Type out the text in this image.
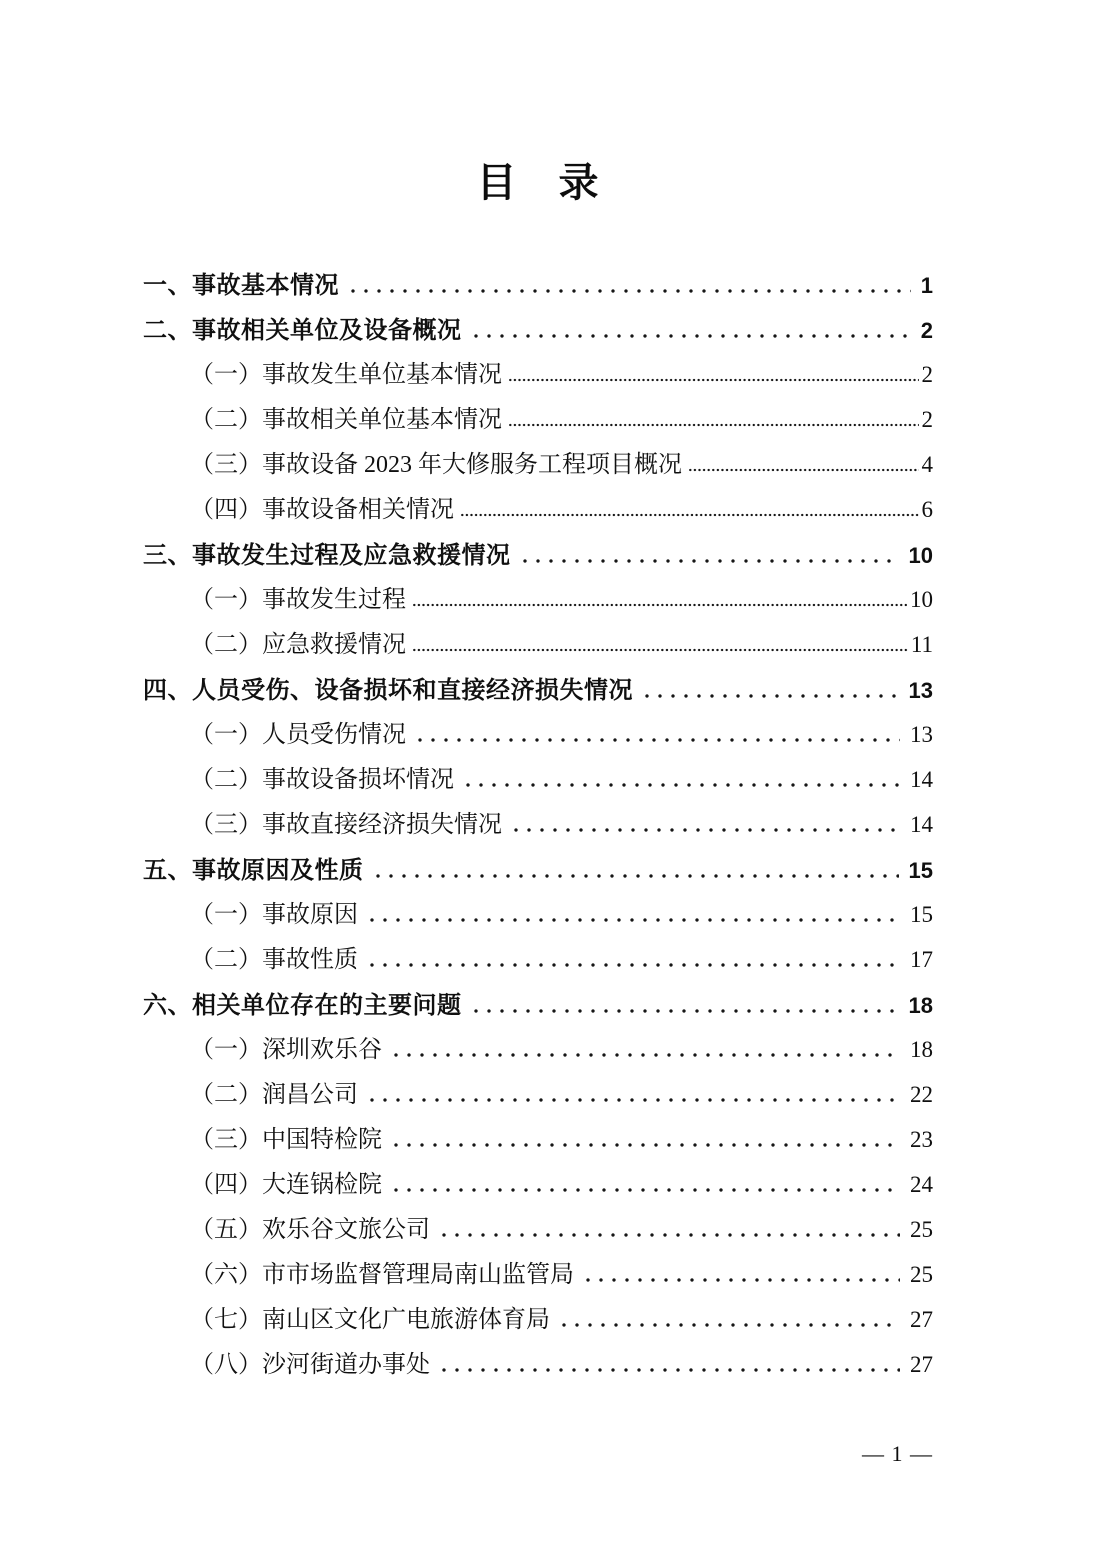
目　录
一、事故基本情况	1
二、事故相关单位及设备概况	2
（一）事故发生单位基本情况	2
（二）事故相关单位基本情况	2
（三）事故设备 2023 年大修服务工程项目概况	4
（四）事故设备相关情况	6
三、事故发生过程及应急救援情况	10
（一）事故发生过程	10
（二）应急救援情况	11
四、人员受伤、设备损坏和直接经济损失情况	13
（一）人员受伤情况	13
（二）事故设备损坏情况	14
（三）事故直接经济损失情况	14
五、事故原因及性质	15
（一）事故原因	15
（二）事故性质	17
六、相关单位存在的主要问题	18
（一）深圳欢乐谷	18
（二）润昌公司	22
（三）中国特检院	23
（四）大连锅检院	24
（五）欢乐谷文旅公司	25
（六）市市场监督管理局南山监管局	25
（七）南山区文化广电旅游体育局	27
（八）沙河街道办事处	27
— 1 —
